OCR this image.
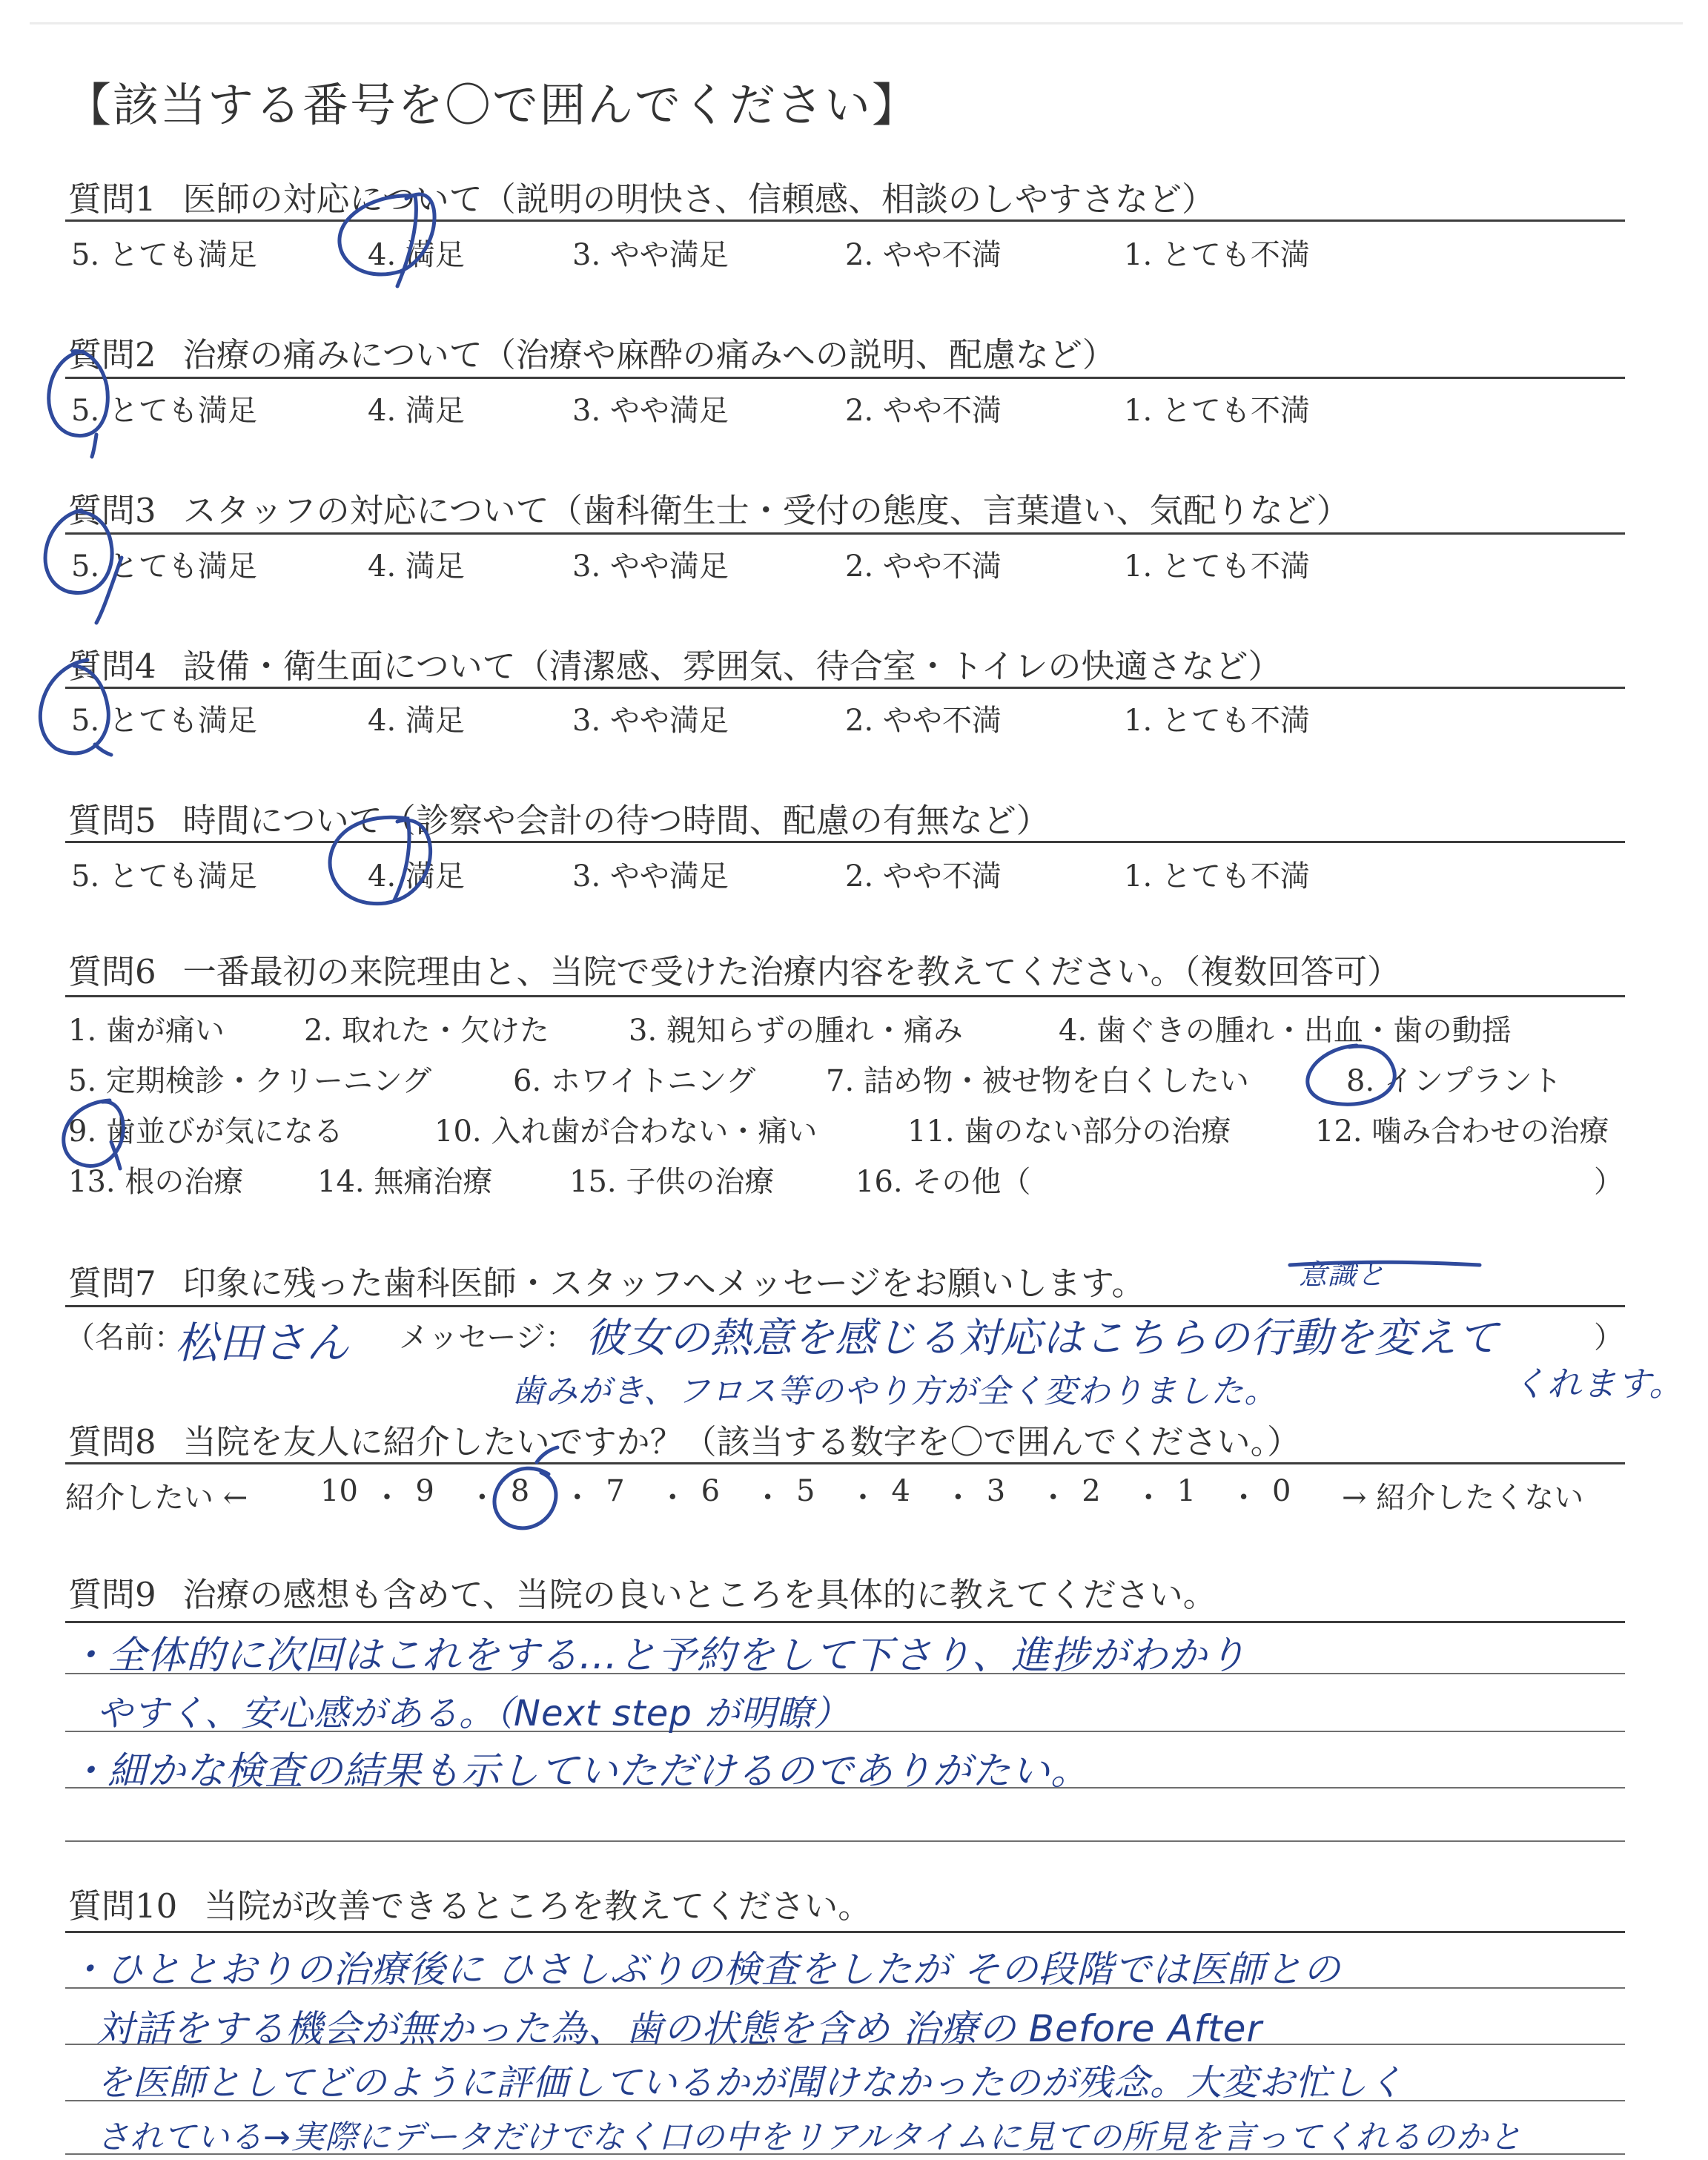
【該当する番号を〇で囲んでください】
質問1 医師の対応について（説明の明快さ、信頼感、相談のしやすさなど）
5. とても満足	4. 満足	3. やや満足	2. やや不満	1. とても不満
質問2 治療の痛みについて（治療や麻酔の痛みへの説明、配慮など）
5. とても満足	4. 満足	3. やや満足	2. やや不満	1. とても不満
質問3 スタッフの対応について（歯科衛生士・受付の態度、言葉遣い、気配りなど）
5. とても満足	4. 満足	3. やや満足	2. やや不満	1. とても不満
質問4 設備・衛生面について（清潔感、雰囲気、待合室・トイレの快適さなど）
5. とても満足	4. 満足	3. やや満足	2. やや不満	1. とても不満
質問5 時間について（診察や会計の待つ時間、配慮の有無など）
5. とても満足	4. 満足	3. やや満足	2. やや不満	1. とても不満
質問6 一番最初の来院理由と、当院で受けた治療内容を教えてください。（複数回答可）
1. 歯が痛い	2. 取れた・欠けた	3. 親知らずの腫れ・痛み	4. 歯ぐきの腫れ・出血・歯の動揺
5. 定期検診・クリーニング	6. ホワイトニング 7. 詰め物・被せ物を白くしたい	8. インプラント
9. 歯並びが気になる	10. 入れ歯が合わない・痛い	11. 歯のない部分の治療	12. 噛み合わせの治療
13. 根の治療 14. 無痛治療	15. 子供の治療	16. その他（	）
質問7 印象に残った歯科医師・スタッフへメッセージをお願いします。
（名前：	メッセージ：	）
松田さん	彼女の熱意を感じる対応はこちらの行動を変えて
くれます。
歯みがき、フロス等のやり方が全く変わりました。
意識と
質問8 当院を友人に紹介したいですか？（該当する数字を〇で囲んでください。）
紹介したい ←	→ 紹介したくない
10 ・ 9 ・ 8 ・ 7 ・ 6 ・ 5 ・ 4 ・ 3 ・ 2 ・ 1 ・ 0
質問9 治療の感想も含めて、当院の良いところを具体的に教えてください。
・全体的に次回はこれをする…と予約をして下さり、進捗がわかり
やすく、安心感がある。（Next step が明瞭）
・細かな検査の結果も示していただけるのでありがたい。
質問10 当院が改善できるところを教えてください。
・ひととおりの治療後に ひさしぶりの検査をしたが その段階では医師との
対話をする機会が無かった為、歯の状態を含め 治療の Before After
を医師としてどのように評価しているかが聞けなかったのが残念。大変お忙しく
されている→実際にデータだけでなく口の中をリアルタイムに見ての所見を言ってくれるのかと
